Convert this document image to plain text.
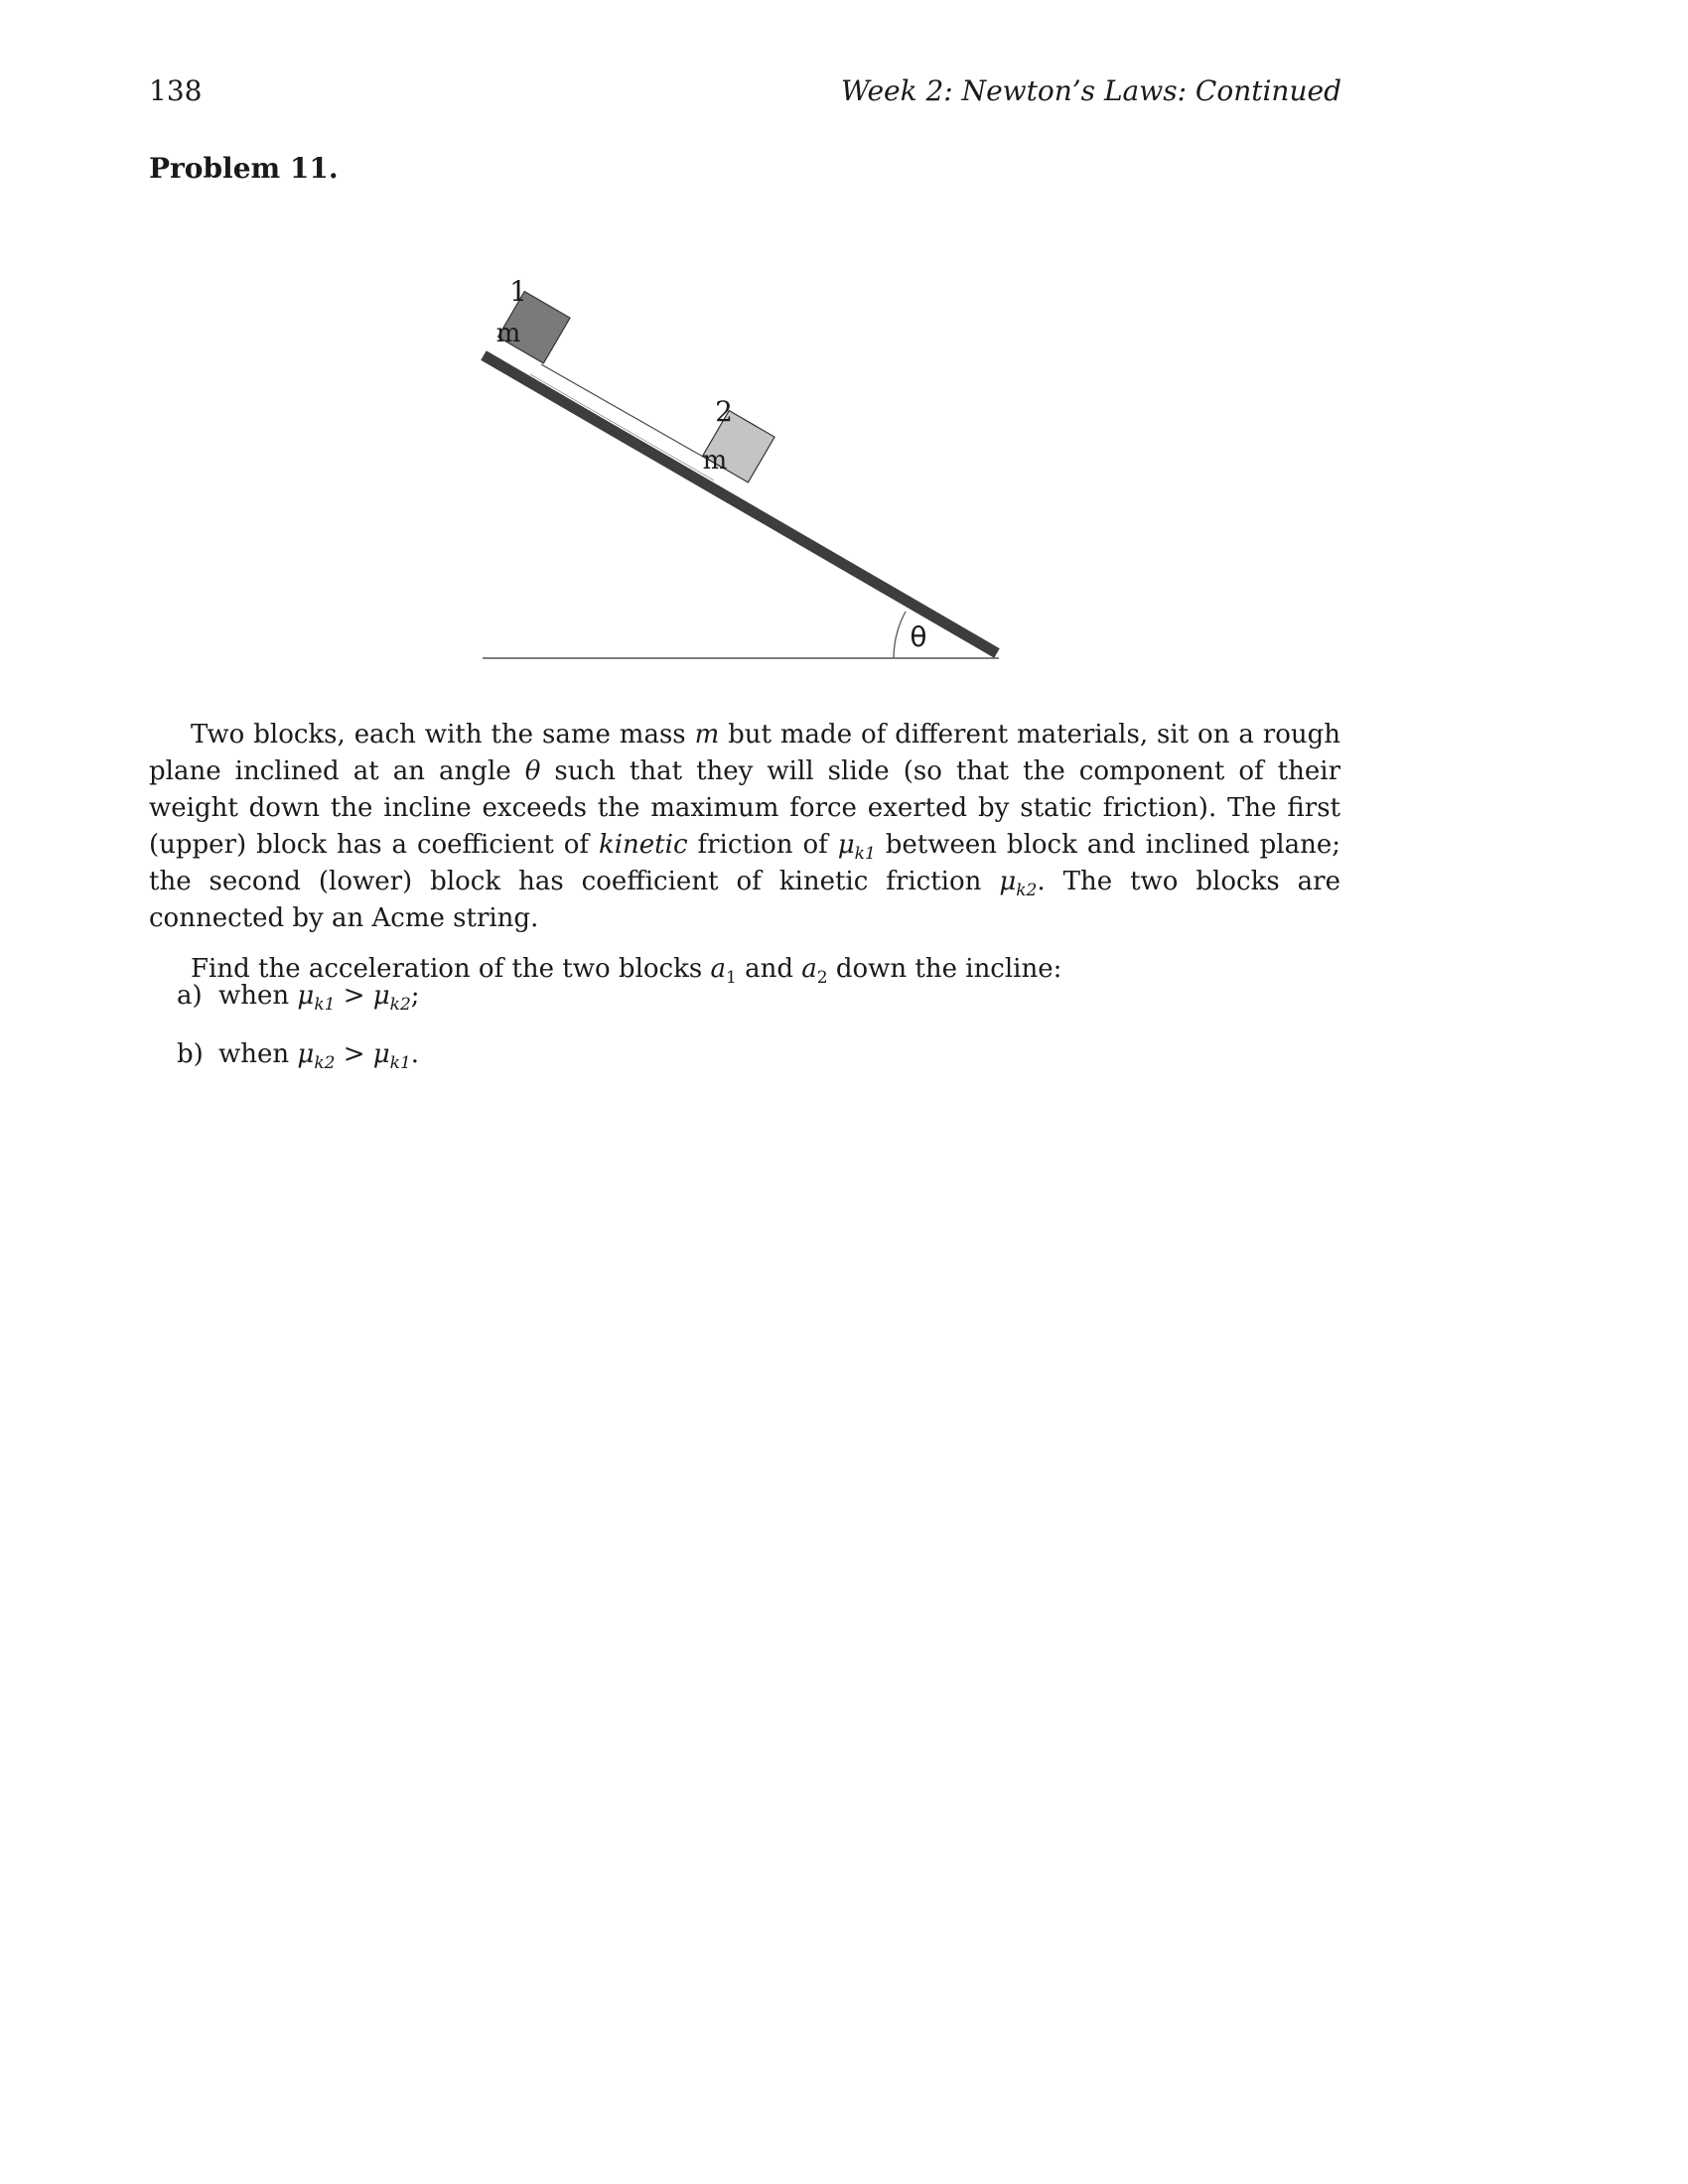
138	Week 2: Newton’s Laws: Continued
Problem 11.
m
1
m
2
θ

Two blocks, each with the same mass m but made of different materials, sit on a rough plane inclined at an angle θ such that they will slide (so that the component of their weight down the incline exceeds the maximum force exerted by static friction). The first (upper) block has a coefficient of kinetic friction of $\mu_{k1}$ between block and inclined plane; the second (lower) block has coefficient of kinetic friction $\mu_{k2}$. The two blocks are connected by an Acme string.

Find the acceleration of the two blocks $a_1$ and $a_2$ down the incline:

a) when $\mu_{k1} > \mu_{k2}$;
b) when $\mu_{k2} > \mu_{k1}$.
